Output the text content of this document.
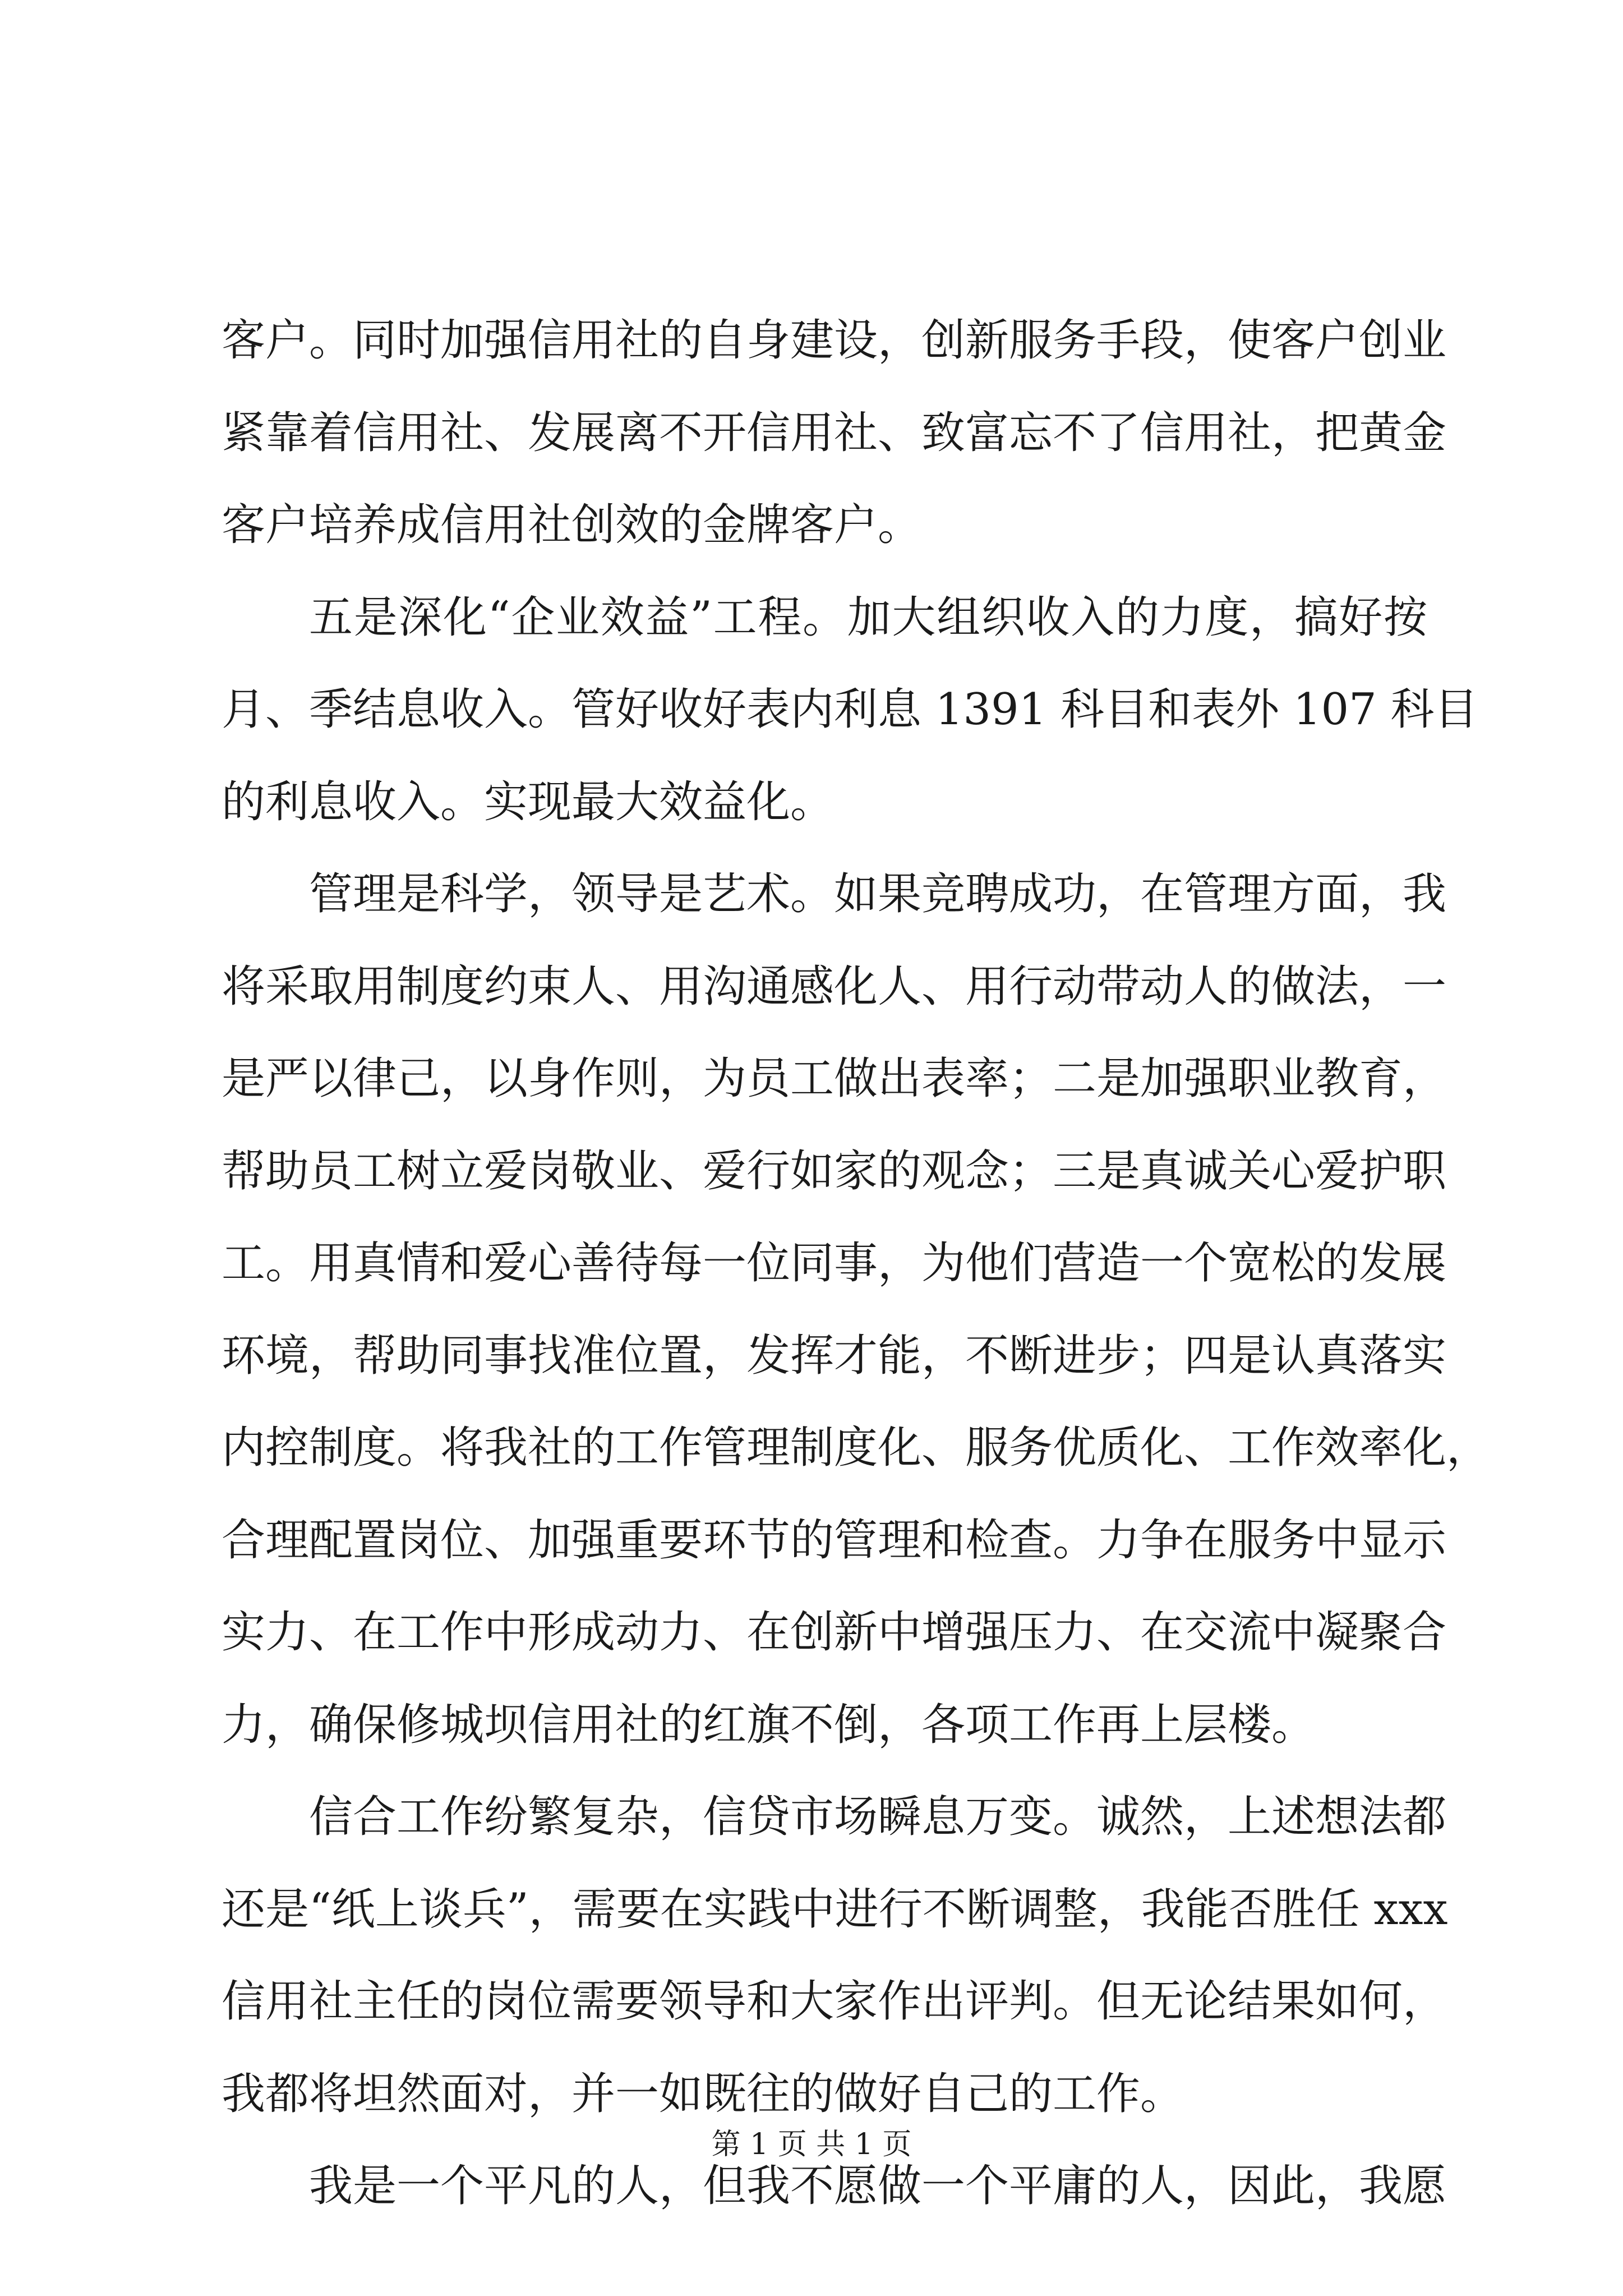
客户。同时加强信用社的自身建设，创新服务手段，使客户创业
紧靠着信用社、发展离不开信用社、致富忘不了信用社，把黄金
客户培养成信用社创效的金牌客户。
五是深化“企业效益”工程。加大组织收入的力度，搞好按
月、季结息收入。管好收好表内利息 1391 科目和表外 107 科目
的利息收入。实现最大效益化。
管理是科学，领导是艺术。如果竞聘成功，在管理方面，我
将采取用制度约束人、用沟通感化人、用行动带动人的做法，一
是严以律己，以身作则，为员工做出表率；二是加强职业教育，
帮助员工树立爱岗敬业、爱行如家的观念；三是真诚关心爱护职
工。用真情和爱心善待每一位同事，为他们营造一个宽松的发展
环境，帮助同事找准位置，发挥才能，不断进步；四是认真落实
内控制度。将我社的工作管理制度化、服务优质化、工作效率化，
合理配置岗位、加强重要环节的管理和检查。力争在服务中显示
实力、在工作中形成动力、在创新中增强压力、在交流中凝聚合
力，确保修城坝信用社的红旗不倒，各项工作再上层楼。
信合工作纷繁复杂，信贷市场瞬息万变。诚然，上述想法都
还是“纸上谈兵”，需要在实践中进行不断调整，我能否胜任 xxx
信用社主任的岗位需要领导和大家作出评判。但无论结果如何，
我都将坦然面对，并一如既往的做好自己的工作。
我是一个平凡的人，但我不愿做一个平庸的人，因此，我愿
第 1 页 共 1 页
